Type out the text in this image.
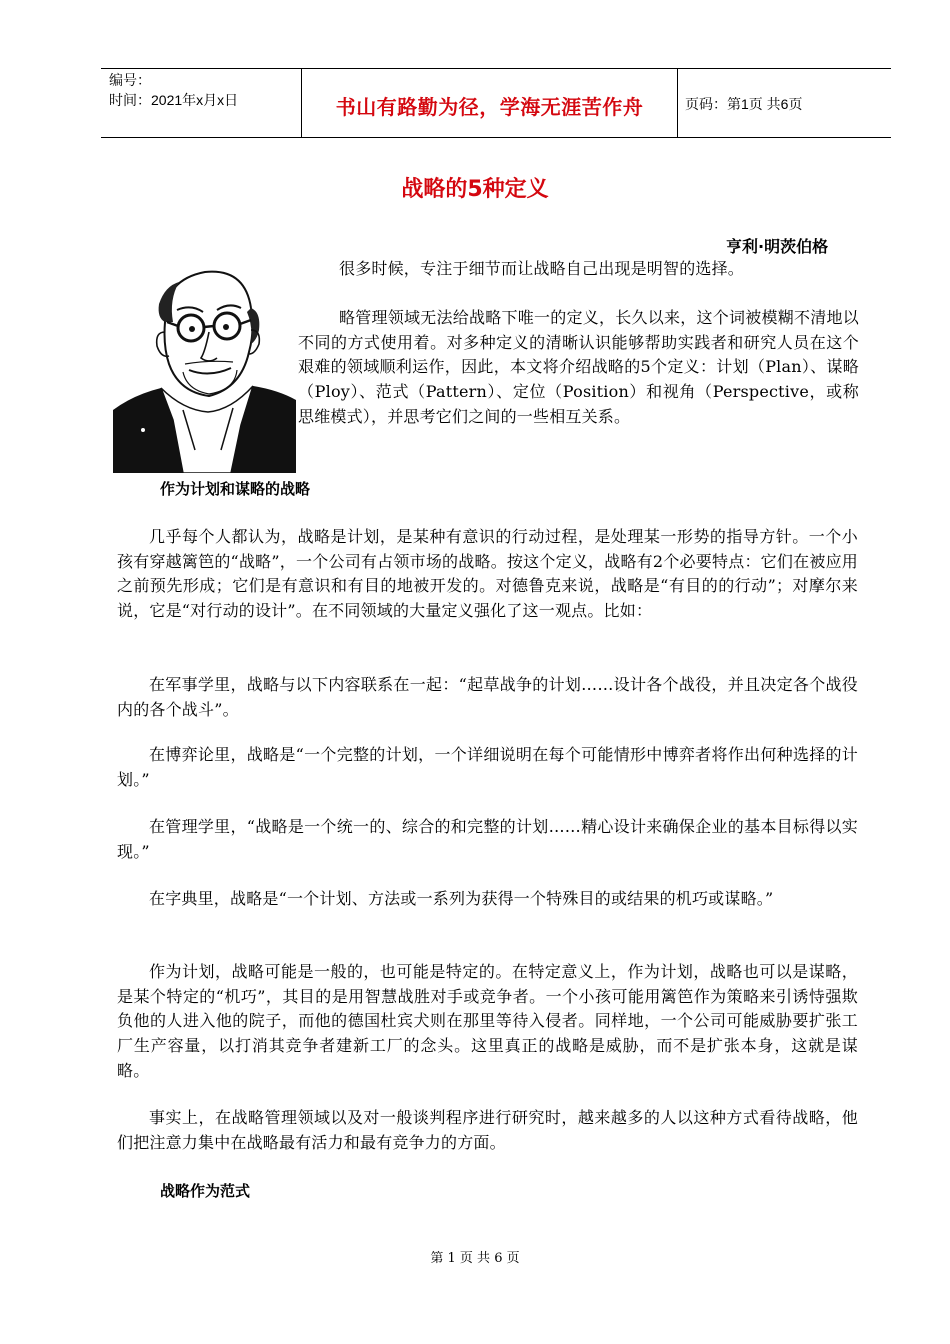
编号：
时间：2021年x月x日	书山有路勤为径，学海无涯苦作舟	页码：第1页 共6页
战略的5种定义
亨利·明茨伯格
很多时候，专注于细节而让战略自己出现是明智的选择。
略管理领域无法给战略下唯一的定义，长久以来，这个词被模糊不清地以不同的方式使用着。对多种定义的清晰认识能够帮助实践者和研究人员在这个艰难的领域顺利运作，因此，本文将介绍战略的5个定义：计划（Plan）、谋略（Ploy）、范式（Pattern）、定位（Position）和视角（Perspective，或称思维模式），并思考它们之间的一些相互关系。
作为计划和谋略的战略
几乎每个人都认为，战略是计划，是某种有意识的行动过程，是处理某一形势的指导方针。一个小孩有穿越篱笆的“战略”，一个公司有占领市场的战略。按这个定义，战略有2个必要特点：它们在被应用之前预先形成；它们是有意识和有目的地被开发的。对德鲁克来说，战略是“有目的的行动”；对摩尔来说，它是“对行动的设计”。在不同领域的大量定义强化了这一观点。比如：
在军事学里，战略与以下内容联系在一起：“起草战争的计划……设计各个战役，并且决定各个战役内的各个战斗”。
在博弈论里，战略是“一个完整的计划，一个详细说明在每个可能情形中博弈者将作出何种选择的计划。”
在管理学里，“战略是一个统一的、综合的和完整的计划……精心设计来确保企业的基本目标得以实现。”
在字典里，战略是“一个计划、方法或一系列为获得一个特殊目的或结果的机巧或谋略。”
作为计划，战略可能是一般的，也可能是特定的。在特定意义上，作为计划，战略也可以是谋略，是某个特定的“机巧”，其目的是用智慧战胜对手或竞争者。一个小孩可能用篱笆作为策略来引诱恃强欺负他的人进入他的院子，而他的德国杜宾犬则在那里等待入侵者。同样地，一个公司可能威胁要扩张工厂生产容量，以打消其竞争者建新工厂的念头。这里真正的战略是威胁，而不是扩张本身，这就是谋略。
事实上，在战略管理领域以及对一般谈判程序进行研究时，越来越多的人以这种方式看待战略，他们把注意力集中在战略最有活力和最有竞争力的方面。
战略作为范式
第 1 页 共 6 页
